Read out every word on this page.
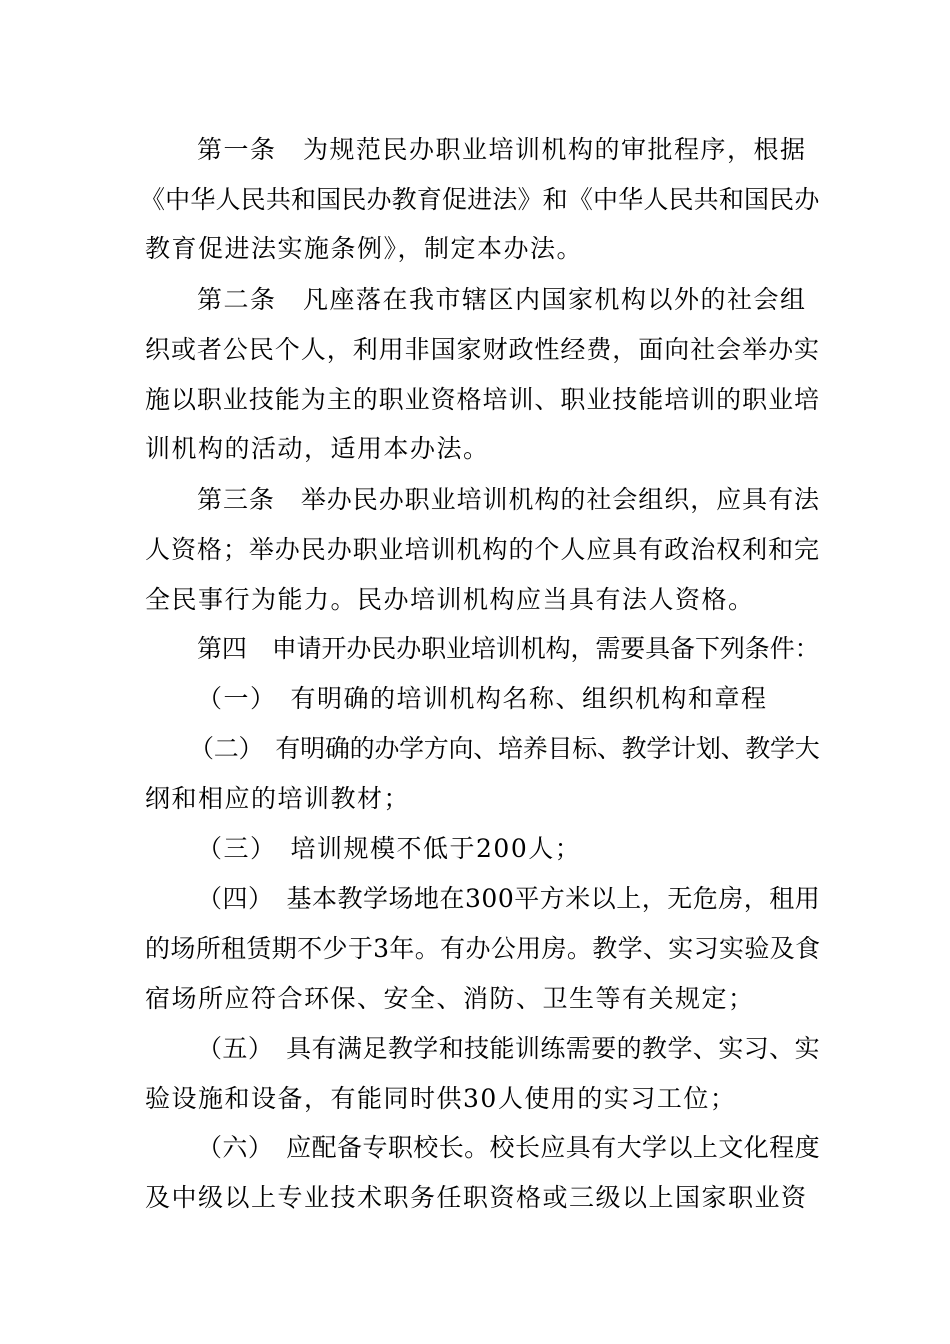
第一条　为规范民办职业培训机构的审批程序，根据
《中华人民共和国民办教育促进法》和《中华人民共和国民办
教育促进法实施条例》，制定本办法。
第二条　凡座落在我市辖区内国家机构以外的社会组
织或者公民个人，利用非国家财政性经费，面向社会举办实
施以职业技能为主的职业资格培训、职业技能培训的职业培
训机构的活动，适用本办法。
第三条　举办民办职业培训机构的社会组织，应具有法
人资格；举办民办职业培训机构的个人应具有政治权利和完
全民事行为能力。民办培训机构应当具有法人资格。
第四　申请开办民办职业培训机构，需要具备下列条件：
（一）　有明确的培训机构名称、组织机构和章程
（二）　有明确的办学方向、培养目标、教学计划、教学大
纲和相应的培训教材；
（三）　培训规模不低于200人；
（四）　基本教学场地在300平方米以上，无危房，租用
的场所租赁期不少于3年。有办公用房。教学、实习实验及食
宿场所应符合环保、安全、消防、卫生等有关规定；
（五）　具有满足教学和技能训练需要的教学、实习、实
验设施和设备，有能同时供30人使用的实习工位；
（六）　应配备专职校长。校长应具有大学以上文化程度
及中级以上专业技术职务任职资格或三级以上国家职业资
